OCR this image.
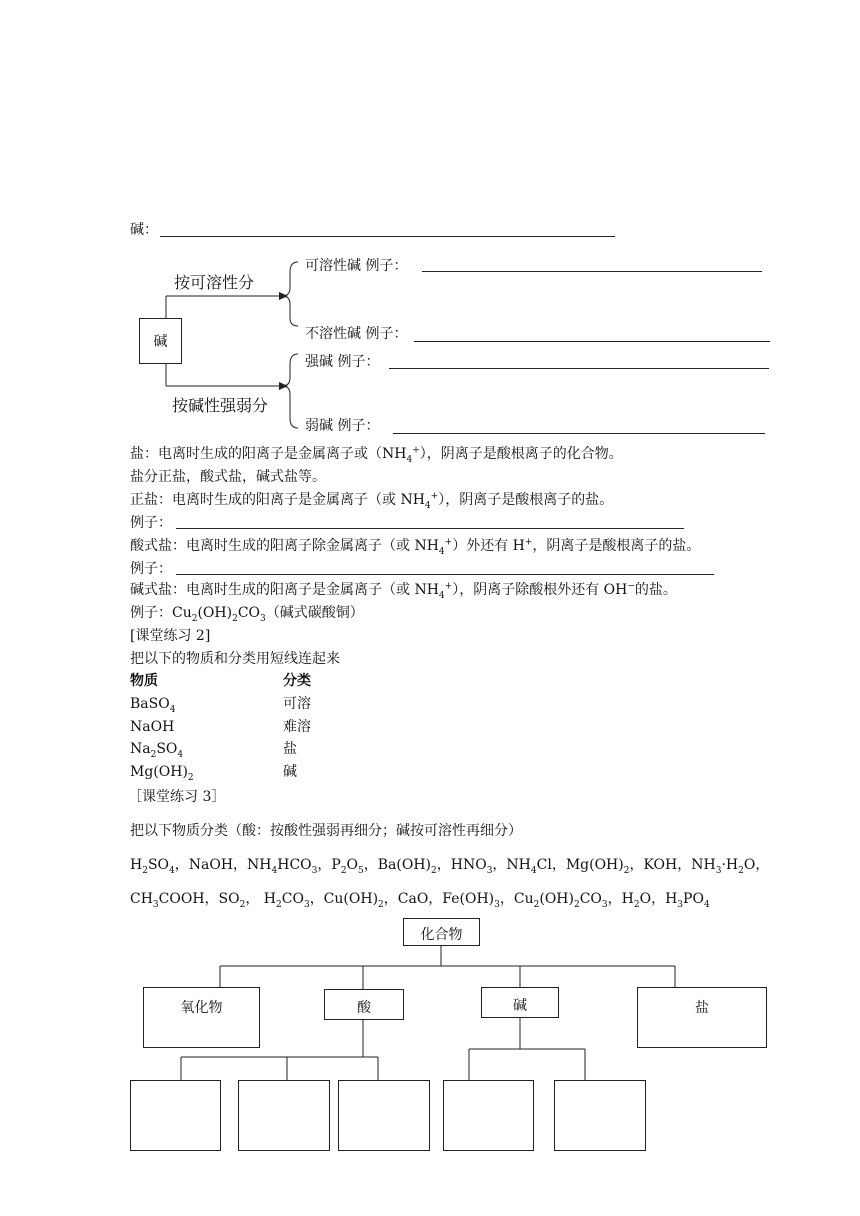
碱：
碱
按可溶性分
按碱性强弱分
可溶性碱 例子：
不溶性碱 例子：
强碱 例子：
弱碱 例子：
盐：电离时生成的阳离子是金属离子或$(NH_4^+)$，阴离子是酸根离子的化合物。
盐分正盐，酸式盐，碱式盐等。
正盐：电离时生成的阳离子是金属离子（或 $NH_4^+$），阴离子是酸根离子的盐。
例子：
酸式盐：电离时生成的阳离子除金属离子（或 $NH_4^+$）外还有 H+，阴离子是酸根离子的盐。
例子：
碱式盐：电离时生成的阳离子是金属离子（或 $NH_4^+$），阴离子除酸根外还有 OH−的盐。
例子：$Cu_2(OH)_2CO_3$（碱式碳酸铜）
[课堂练习 2]
把以下的物质和分类用短线连起来
物质	分类
BaSO$_4$	可溶
NaOH	难溶
$Na_2SO_4$	盐
$Mg(OH)_2$	碱
［课堂练习 3］
把以下物质分类（酸：按酸性强弱再细分；碱按可溶性再细分）
$H_2SO_4$，NaOH，$NH_4HCO_3$，$P_2O_5$，$Ba(OH)_2$，$HNO_3$，$NH_4Cl$，$Mg(OH)_2$，KOH，$NH_3\cdot H_2O$，
$CH_3COOH$，$SO_2$， $H_2CO_3$，$Cu(OH)_2$，CaO，$Fe(OH)_3$，$Cu_2(OH)_2CO_3$，$H_2O$，$H_3PO_4$
化合物
氧化物	酸	碱	盐
